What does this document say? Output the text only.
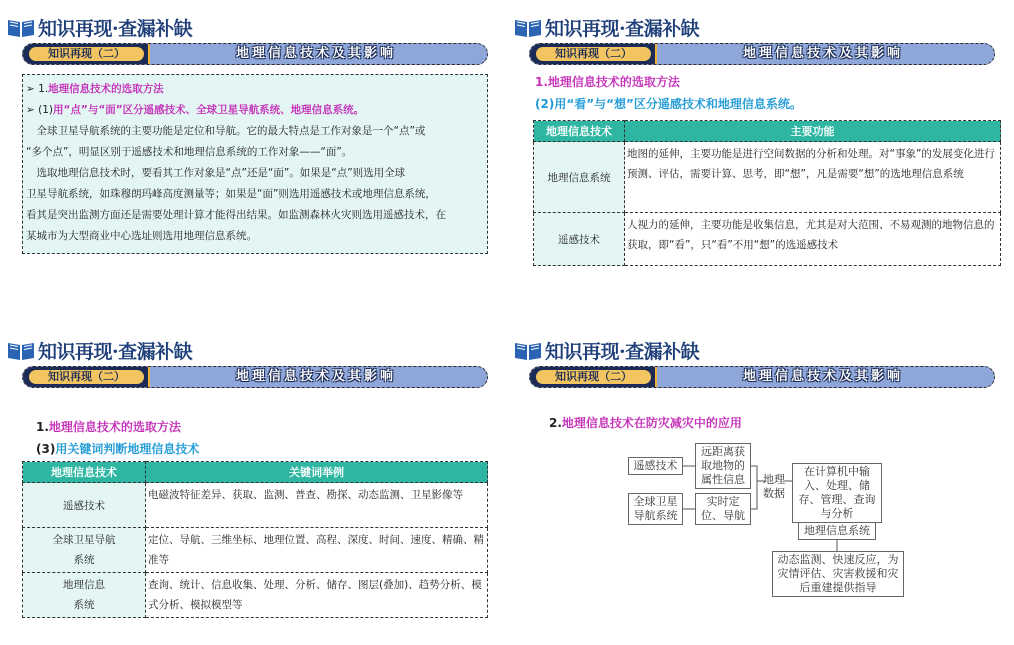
知识再现·查漏补缺
知识再现（二）	地理信息技术及其影响
➢ 1.地理信息技术的选取方法
➢ (1)用“点”与“面”区分遥感技术、全球卫星导航系统、地理信息系统。
　全球卫星导航系统的主要功能是定位和导航。它的最大特点是工作对象是一个“点”或
“多个点”，明显区别于遥感技术和地理信息系统的工作对象——“面”。
　选取地理信息技术时，要看其工作对象是“点”还是“面”。如果是“点”则选用全球
卫星导航系统，如珠穆朗玛峰高度测量等；如果是“面”则选用遥感技术或地理信息系统，
看其是突出监测方面还是需要处理计算才能得出结果。如监测森林火灾则选用遥感技术，在
某城市为大型商业中心选址则选用地理信息系统。
知识再现·查漏补缺
知识再现（二）	地理信息技术及其影响
1.地理信息技术的选取方法
(2)用“看”与“想”区分遥感技术和地理信息系统。
地理信息技术	主要功能
地理信息系统	地图的延伸，主要功能是进行空间数据的分析和处理。对“事象”的发展变化进行预测、评估，需要计算、思考，即“想”，凡是需要“想”的选地理信息系统
遥感技术	人视力的延伸，主要功能是收集信息，尤其是对大范围、不易观测的地物信息的获取，即“看”，只“看”不用“想”的选遥感技术
知识再现·查漏补缺
知识再现（二）	地理信息技术及其影响
1.地理信息技术的选取方法
(3)用关键词判断地理信息技术
地理信息技术	关键词举例
遥感技术	电磁波特征差异、获取、监测、普查、勘探、动态监测、卫星影像等
全球卫星导航系统	定位、导航、三维坐标、地理位置、高程、深度、时间、速度、精确、精准等
地理信息系统	查询、统计、信息收集、处理、分析、储存、图层(叠加)、趋势分析、模式分析、模拟模型等
知识再现·查漏补缺
知识再现（二）	地理信息技术及其影响
2.地理信息技术在防灾减灾中的应用
遥感技术
远距离获取地物的属性信息
全球卫星导航系统
实时定位、导航
地理数据
在计算机中输入、处理、储存、管理、查询与分析
地理信息系统
动态监测、快速反应，为灾情评估、灾害救援和灾后重建提供指导
